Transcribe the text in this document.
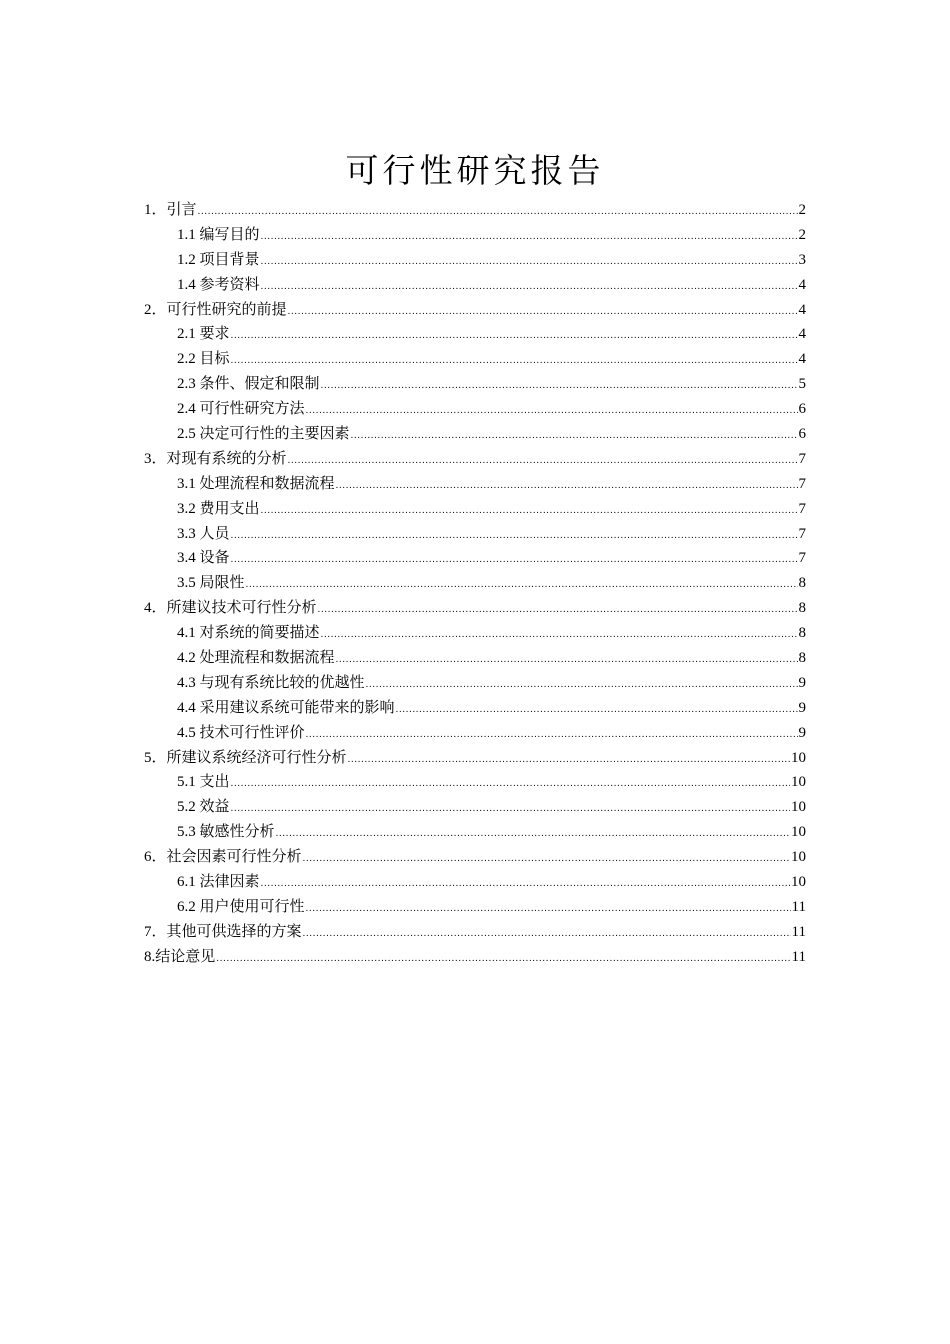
可行性研究报告
1．引言 .....	2
1.1 编写目的 .....	2
1.2 项目背景 .....	3
1.4 参考资料 .....	4
2．可行性研究的前提 .....	4
2.1 要求 .....	4
2.2 目标 .....	4
2.3 条件、假定和限制 .....	5
2.4 可行性研究方法 .....	6
2.5 决定可行性的主要因素 .....	6
3．对现有系统的分析 .....	7
3.1 处理流程和数据流程 .....	7
3.2 费用支出 .....	7
3.3 人员 .....	7
3.4 设备 .....	7
3.5 局限性 .....	8
4．所建议技术可行性分析 .....	8
4.1 对系统的简要描述 .....	8
4.2 处理流程和数据流程 .....	8
4.3 与现有系统比较的优越性 .....	9
4.4 采用建议系统可能带来的影响 .....	9
4.5 技术可行性评价 .....	9
5．所建议系统经济可行性分析 .....	10
5.1 支出 .....	10
5.2 效益 .....	10
5.3 敏感性分析 .....	10
6．社会因素可行性分析 .....	10
6.1 法律因素 .....	10
6.2 用户使用可行性 .....	11
7．其他可供选择的方案 .....	11
8.结论意见 .....	11
